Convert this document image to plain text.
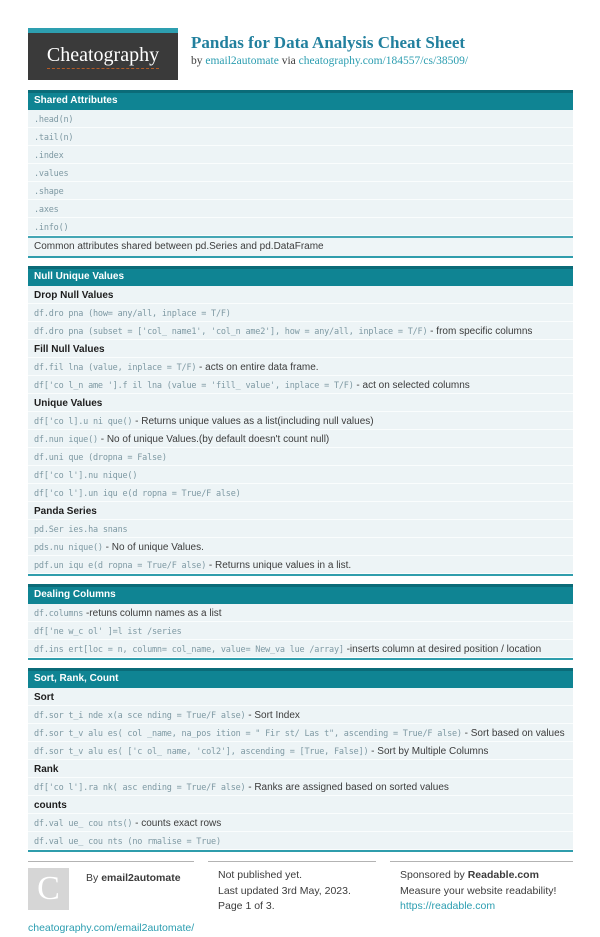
Cheatography
Pandas for Data Analysis Cheat Sheet
by email2automate via cheatography.com/184557/cs/38509/
Shared Attributes
.head(n)
.tail(n)
.index
.values
.shape
.axes
.info()
Common attributes shared between pd.Series and pd.DataFrame
Null Unique Values
Drop Null Values
df.dro pna (how= any/all, inplace = T/F)
df.dro pna (subset = ['col_ name1', 'col_n ame2'], how = any/all, inplace = T/F) - from specific columns
Fill Null Values
df.fil lna (value, inplace = T/F) - acts on entire data frame.
df['co l_n ame '].f il lna (value = 'fill_ value', inplace = T/F) - act on selected columns
Unique Values
df['co l].u ni que() - Returns unique values as a list(including null values)
df.nun ique() - No of unique Values.(by default doesn't count null)
df.uni que (dropna = False)
df['co l'].nu nique()
df['co l'].un iqu e(d ropna = True/F alse)
Panda Series
pd.Ser ies.ha snans
pds.nu nique() - No of unique Values.
pdf.un iqu e(d ropna = True/F alse) - Returns unique values in a list.
Dealing Columns
df.columns -retuns column names as a list
df['ne w_c ol' ]=l ist /series
df.ins ert[loc = n, column= col_name, value= New_va lue /array] -inserts column at desired position / location
Sort, Rank, Count
Sort
df.sor t_i nde x(a sce nding = True/F alse) - Sort Index
df.sor t_v alu es( col _name, na_pos ition = " Fir st/ Las t", ascending = True/F alse) - Sort based on values
df.sor t_v alu es( ['c ol_ name, 'col2'], ascending = [True, False]) - Sort by Multiple Columns
Rank
df['co l'].ra nk( asc ending = True/F alse) - Ranks are assigned based on sorted values
counts
df.val ue_ cou nts() - counts exact rows
df.val ue_ cou nts (no rmalise = True)
C By email2automate
cheatography.com/email2automate/
Not published yet.
Last updated 3rd May, 2023.
Page 1 of 3.
Sponsored by Readable.com
Measure your website readability!
https://readable.com
